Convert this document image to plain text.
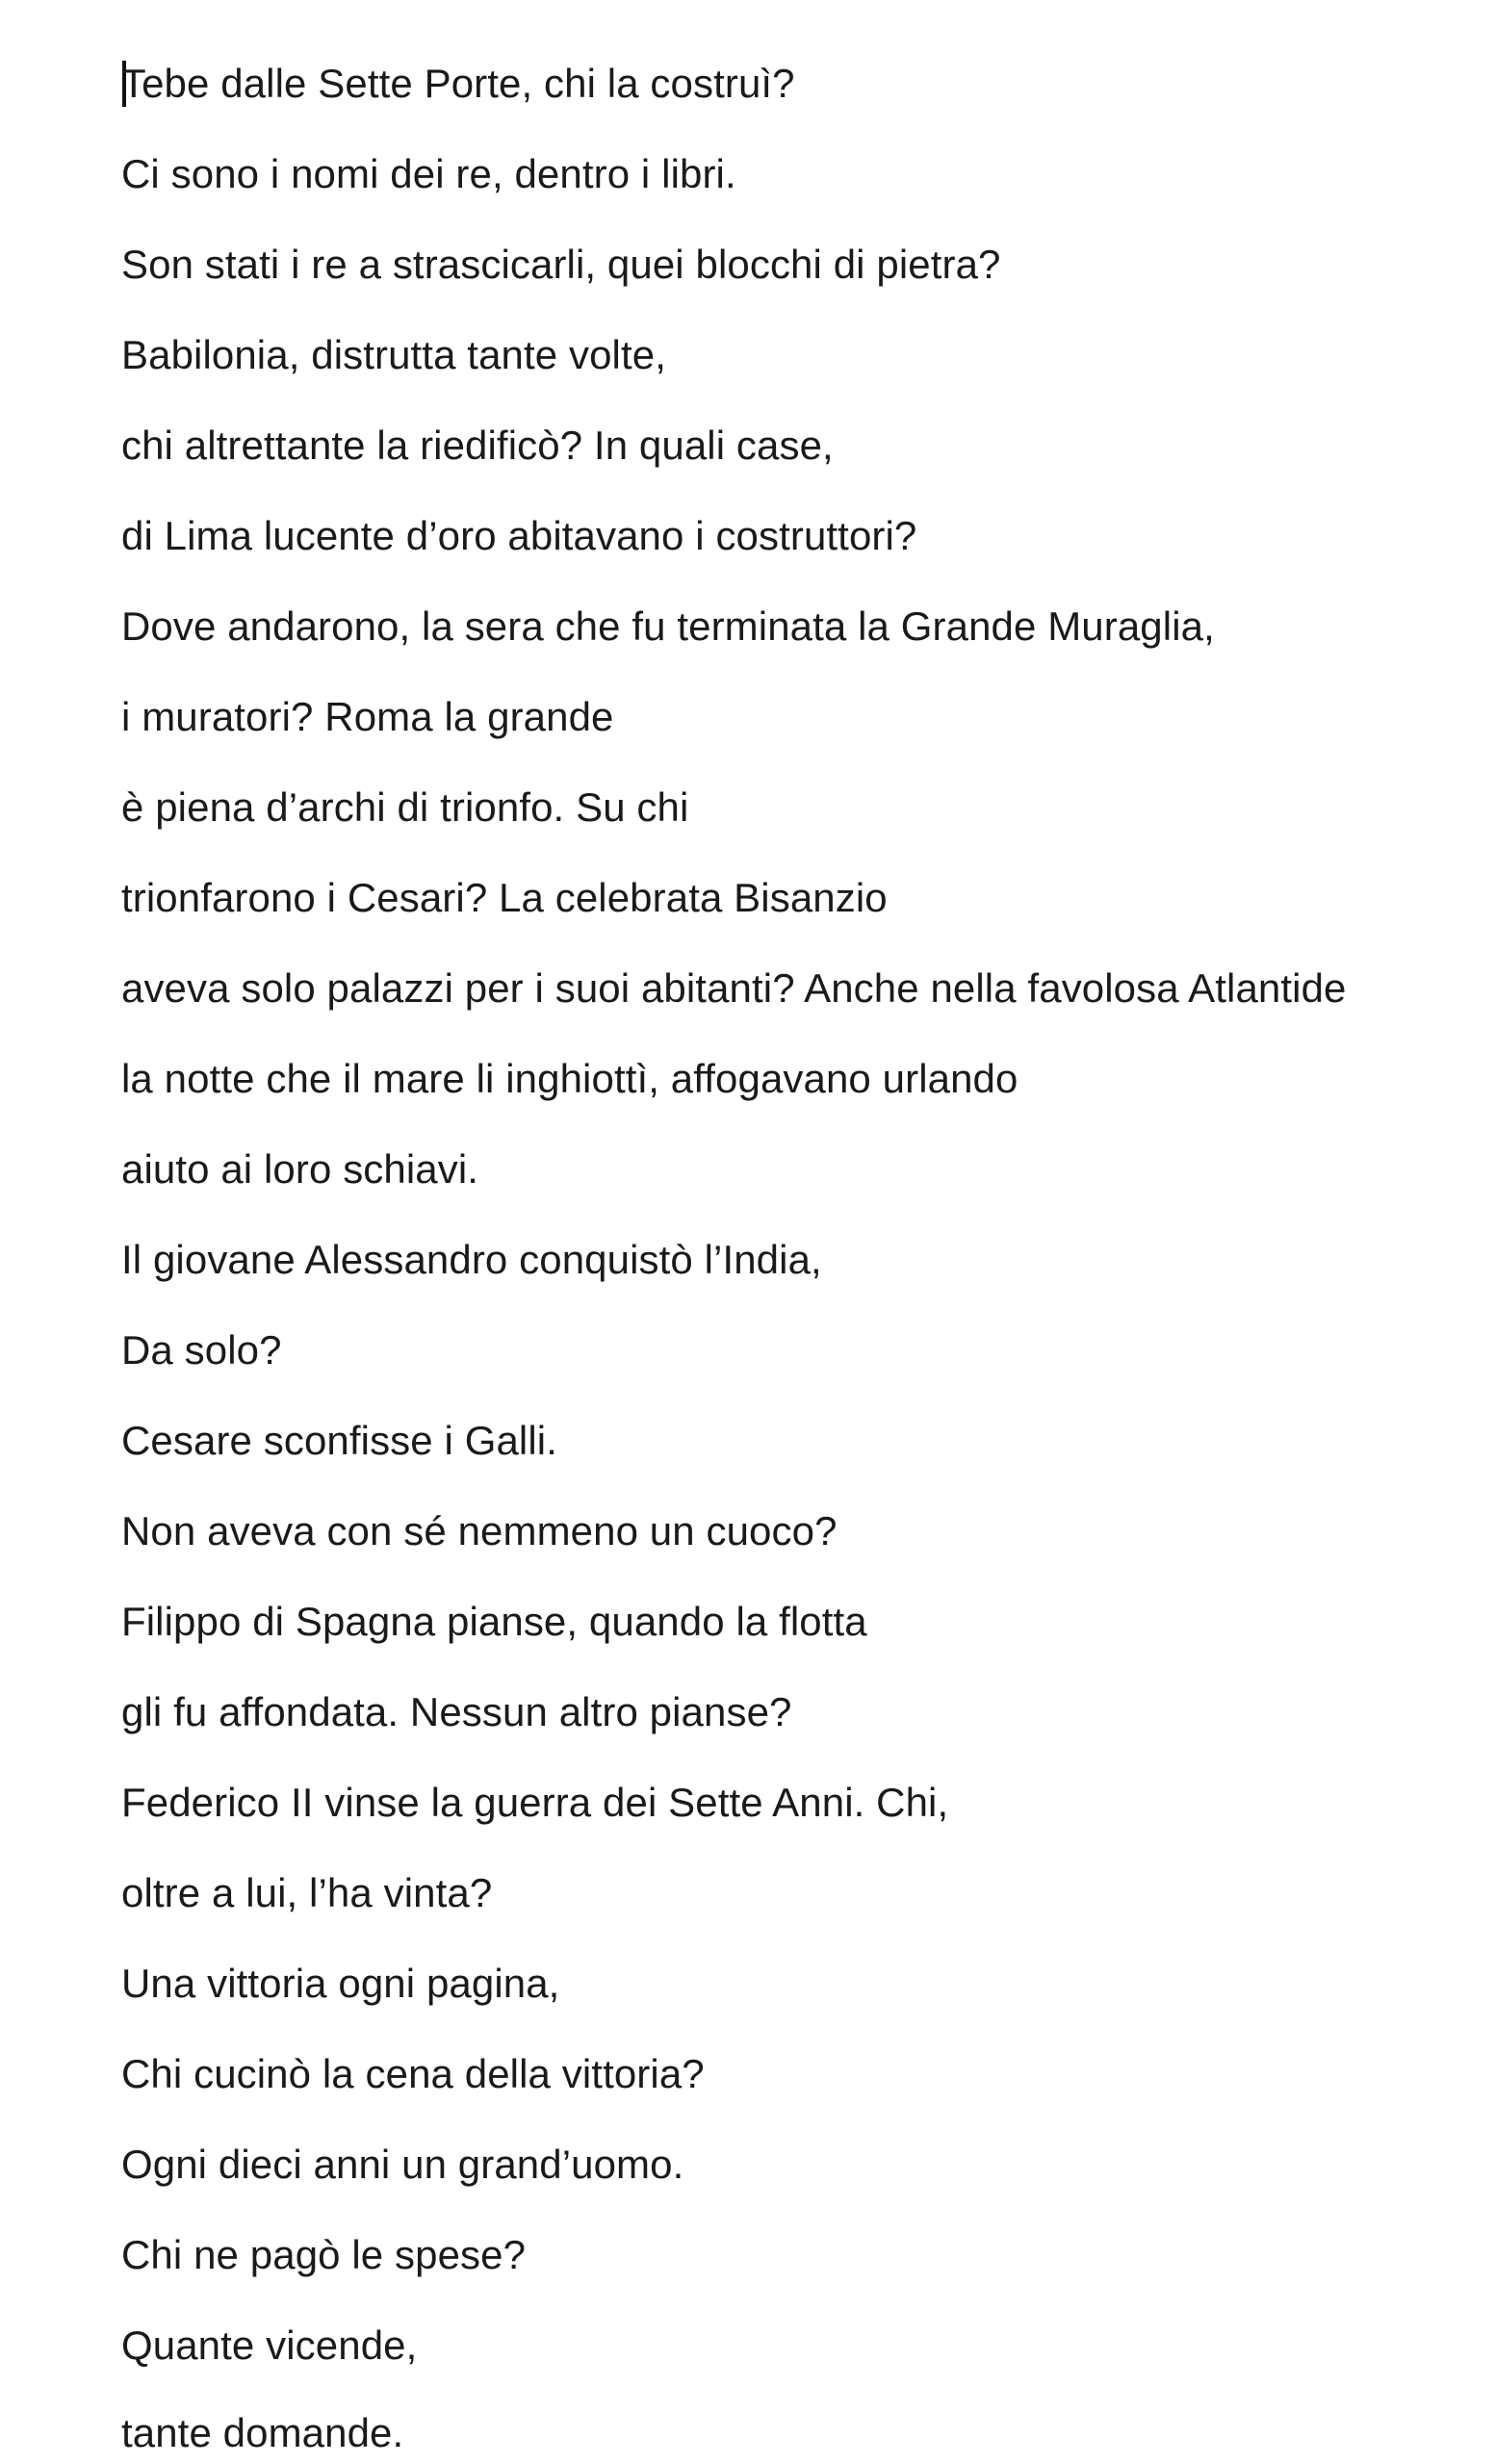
Tebe dalle Sette Porte, chi la costruì?

Ci sono i nomi dei re, dentro i libri.

Son stati i re a strascicarli, quei blocchi di pietra?

Babilonia, distrutta tante volte,

chi altrettante la riedificò? In quali case,

di Lima lucente d’oro abitavano i costruttori?

Dove andarono, la sera che fu terminata la Grande Muraglia,

i muratori? Roma la grande

è piena d’archi di trionfo. Su chi

trionfarono i Cesari? La celebrata Bisanzio

aveva solo palazzi per i suoi abitanti? Anche nella favolosa Atlantide

la notte che il mare li inghiottì, affogavano urlando

aiuto ai loro schiavi.

Il giovane Alessandro conquistò l’India,

Da solo?

Cesare sconfisse i Galli.

Non aveva con sé nemmeno un cuoco?

Filippo di Spagna pianse, quando la flotta

gli fu affondata. Nessun altro pianse?

Federico II vinse la guerra dei Sette Anni. Chi,

oltre a lui, l’ha vinta?

Una vittoria ogni pagina,

Chi cucinò la cena della vittoria?

Ogni dieci anni un grand’uomo.

Chi ne pagò le spese?

Quante vicende,

tante domande.
